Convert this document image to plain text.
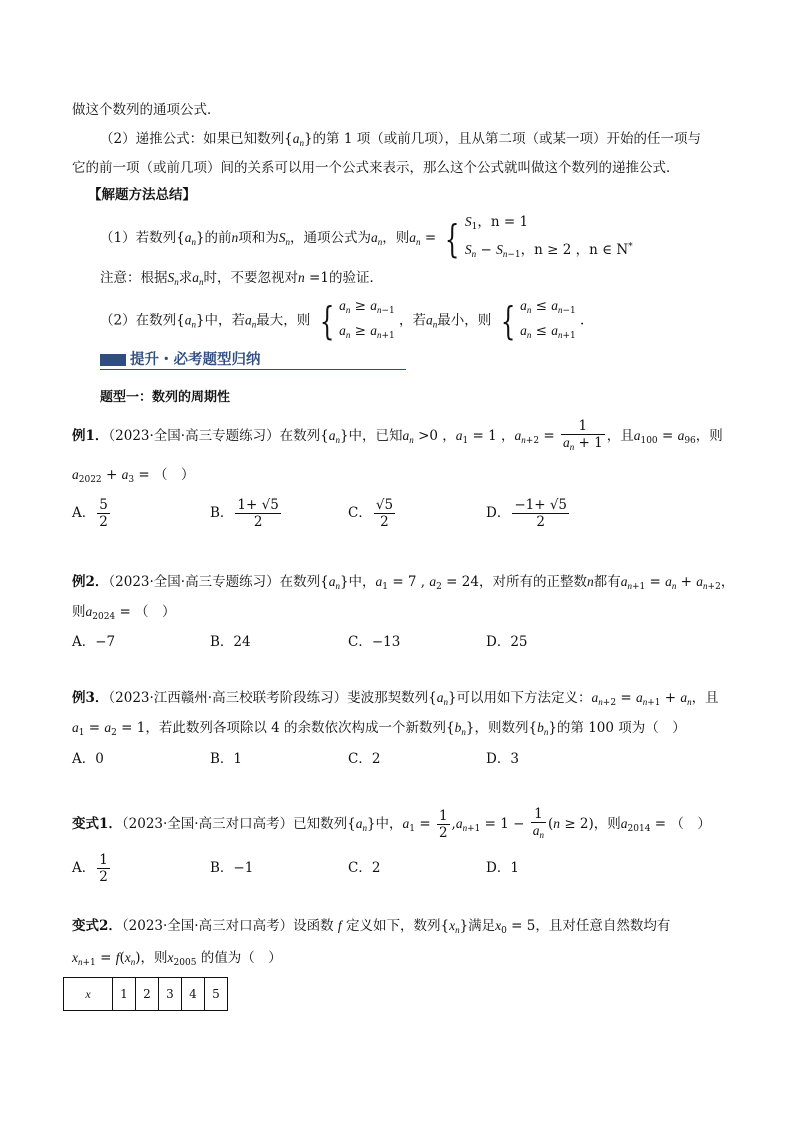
做这个数列的通项公式．
（2）递推公式：如果已知数列$\{a_n\}$的第 1 项（或前几项），且从第二项（或某一项）开始的任一项与
它的前一项（或前几项）间的关系可以用一个公式来表示，那么这个公式就叫做这个数列的递推公式．
【解题方法总结】
（1）若数列$\{a_n\}$的前n项和为$S_n$，通项公式为$a_n$，则$a_n$ = { $S_1$，n = 1
$S_n - S_{n-1}$，n ≥ 2 ，n ∈ N*
注意：根据$S_n$求$a_n$时，不要忽视对n =1的验证．
（2）在数列$\{a_n\}$中，若$a_n$最大，则 { $a_n \ge a_{n-1}$
$a_n \ge a_{n+1}$
，若$a_n$最小，则 { $a_n \le a_{n-1}$
$a_n \le a_{n+1}$
.
提升・必考题型归纳
题型一：数列的周期性
例1．（2023·全国·高三专题练习）在数列$\{a_n\}$中，已知$a_n >0$ ，$a_1 = 1$ ，$a_{n+2} = \frac{1}{a_n + 1}$ ，且$a_{100} = a_{96}$，则
$a_{2022} + a_3$ = （　）
A． $\frac{5}{2}$	B． $\frac{1+ √5}{2}$	C． $\frac{√5}{2}$	D． $\frac{-1+ √5}{2}$
例2．（2023·全国·高三专题练习）在数列$\{a_n\}$中，$a_1 = 7$ , $a_2 = 24$，对所有的正整数n都有$a_{n+1} = a_n + a_{n+2}$，
则$a_{2024}$ = （　）
A．−7	B．24	C．−13	D．25
例3．（2023·江西赣州·高三校联考阶段练习）斐波那契数列$\{a_n\}$可以用如下方法定义：$a_{n+2} = a_{n+1} + a_n$，且
$a_1 = a_2 = 1$，若此数列各项除以 4 的余数依次构成一个新数列$\{b_n\}$，则数列$\{b_n\}$的第 100 项为（　）
A．0	B．1	C．2	D．3
变式1．（2023·全国·高三对口高考）已知数列$\{a_n\}$中，$a_1 = \frac{1}{2} ,a_{n+1} = 1 - \frac{1}{a_n} (n \ge 2)$，则$a_{2014}$ = （　）
A． $\frac{1}{2}$	B．−1	C．2	D．1
变式2．（2023·全国·高三对口高考）设函数 f 定义如下，数列$\{x_n\}$满足$x_0 = 5$，且对任意自然数均有
$x_{n+1} = f(x_n)$，则$x_{2005}$ 的值为（　）
x	1	2	3	4	5
